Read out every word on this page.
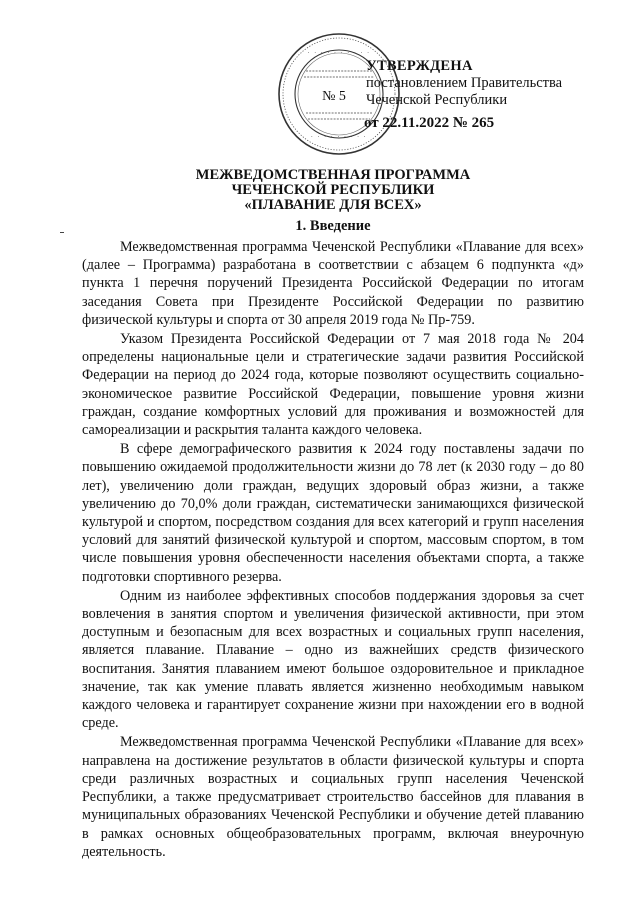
· · · · · · · · · ·
· · · · · · · · ·
№ 5
УТВЕРЖДЕНА
постановлением Правительства
Чеченской Республики
от 22.11.2022 № 265
МЕЖВЕДОМСТВЕННАЯ ПРОГРАММА
ЧЕЧЕНСКОЙ РЕСПУБЛИКИ
«ПЛАВАНИЕ ДЛЯ ВСЕХ»
1. Введение

Межведомственная программа Чеченской Республики «Плавание для всех» (далее – Программа) разработана в соответствии с абзацем 6 подпункта «д» пункта 1 перечня поручений Президента Российской Федерации по итогам заседания Совета при Президенте Российской Федерации по развитию физической культуры и спорта от 30 апреля 2019 года № Пр-759.

Указом Президента Российской Федерации от 7 мая 2018 года № 204 определены национальные цели и стратегические задачи развития Российской Федерации на период до 2024 года, которые позволяют осуществить социально-экономическое развитие Российской Федерации, повышение уровня жизни граждан, создание комфортных условий для проживания и возможностей для самореализации и раскрытия таланта каждого человека.

В сфере демографического развития к 2024 году поставлены задачи по повышению ожидаемой продолжительности жизни до 78 лет (к 2030 году – до 80 лет), увеличению доли граждан, ведущих здоровый образ жизни, а также увеличению до 70,0% доли граждан, систематически занимающихся физической культурой и спортом, посредством создания для всех категорий и групп населения условий для занятий физической культурой и спортом, массовым спортом, в том числе повышения уровня обеспеченности населения объектами спорта, а также подготовки спортивного резерва.

Одним из наиболее эффективных способов поддержания здоровья за счет вовлечения в занятия спортом и увеличения физической активности, при этом доступным и безопасным для всех возрастных и социальных групп населения, является плавание. Плавание – одно из важнейших средств физического воспитания. Занятия плаванием имеют большое оздоровительное и прикладное значение, так как умение плавать является жизненно необходимым навыком каждого человека и гарантирует сохранение жизни при нахождении его в водной среде.

Межведомственная программа Чеченской Республики «Плавание для всех» направлена на достижение результатов в области физической культуры и спорта среди различных возрастных и социальных групп населения Чеченской Республики, а также предусматривает строительство бассейнов для плавания в муниципальных образованиях Чеченской Республики и обучение детей плаванию в рамках основных общеобразовательных программ, включая внеурочную деятельность.
